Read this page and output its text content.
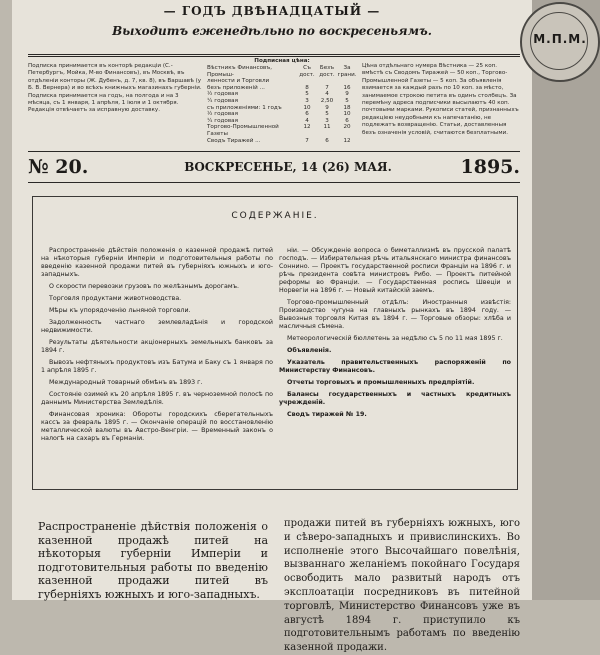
— ГОДЪ ДВѢНАДЦАТЫЙ —
Выходитъ еженедѣльно по воскресеньямъ.
Подписка принимается въ конторѣ редакціи (С.-Петербургъ, Мойка, М-во Финансовъ), въ Москвѣ, въ отдѣленіи конторы (Ж. Дубенъ, д. 7, кв. 8), въ Варшавѣ (у Б. В. Вернера) и во всѣхъ книжныхъ магазинахъ губерніи. Подписка принимается на годъ, на полгода и на 3 мѣсяца, съ 1 января, 1 апрѣля, 1 іюля и 1 октября. Редакція отвѣчаетъ за исправную доставку.
Подписная цѣна:
Вѣстникъ Финансовъ, Промыш-	Съ дост.	Безъ дост.	За грани.
ленности и Торговли			
безъ приложеній ...	8	7	16
½ годовая	5	4	9
¼ годовая	3	2,50	5
съ приложеніями: 1 годъ	10	9	18
½ годовая	6	5	10
¼ годовая	4	3	6
Торгово-Промышленной Газеты	12	11	20
Сводъ Тиражей ...	7	6	12
Цѣна отдѣльнаго нумера Вѣстника — 25 коп. вмѣстѣ съ Сводомъ Тиражей — 50 коп., Торгово-Промышленной Газеты — 5 коп. За объявленія взимается за каждый разъ по 10 коп. за мѣсто, занимаемое строкою петита въ одинъ столбецъ. За перемѣну адреса подписчики высылаютъ 40 коп. почтовыми марками. Рукописи статей, признанныхъ редакціею неудобными къ напечатанію, не подлежатъ возвращенію. Статьи, доставленныя безъ означенія условій, считаются безплатными.
№ 20.	ВОСКРЕСЕНЬЕ, 14 (26) МАЯ.	1895.
СОДЕРЖАНІЕ.

Распространеніе дѣйствія положенія о казенной продажѣ питей на нѣкоторыя губерніи Имперіи и подготовительныя работы по введенію казенной продажи питей въ губерніяхъ южныхъ и юго-западныхъ.

О скорости перевозки грузовъ по желѣзнымъ дорогамъ.

Торговля продуктами животноводства.

Мѣры къ упорядоченію льняной торговли.

Задолженность частнаго землевладѣнія и городской недвижимости.

Результаты дѣятельности акціонерныхъ земельныхъ банковъ за 1894 г.

Вывозъ нефтяныхъ продуктовъ изъ Батума и Баку съ 1 января по 1 апрѣля 1895 г.

Международный товарный обмѣнъ въ 1893 г.

Состояніе озимей къ 20 апрѣля 1895 г. въ черноземной полосѣ по даннымъ Министерства Земледѣлія.

Финансовая хроника: Обороты городскихъ сберегательныхъ кассъ за февраль 1895 г. — Окончаніе операцій по восстановленію металлической валюты въ Австро-Венгріи. — Временный законъ о налогѣ на сахаръ въ Германіи.

ніи. — Обсужденіе вопроса о биметаллизмѣ въ прусской палатѣ господъ. — Избирательная рѣчь итальянскаго министра финансовъ Соннино. — Проектъ государственной росписи Франціи на 1896 г. и рѣчь президента совѣта министровъ Рибо. — Проектъ питейной реформы во Франціи. — Государственная роспись Швеціи и Норвегіи на 1896 г. — Новый китайскій заемъ.

Торгово-промышленный отдѣлъ: Иностранныя извѣстія: Производство чугуна на главныхъ рынкахъ въ 1894 году. — Вывозныя торговля Китая въ 1894 г. — Торговые обзоры: хлѣба и масличныя сѣмена.

Метеорологическій бюллетень за недѣлю съ 5 по 11 мая 1895 г.

Объявленія.

Указатель правительственныхъ распоряженій по Министерству Финансовъ.

Отчеты торговыхъ и промышленныхъ предпріятій.

Балансы государственныхъ и частныхъ кредитныхъ учрежденій.

Сводъ тиражей № 19.

Распространеніе дѣйствія положенія о казенной продажѣ питей на нѣкоторыя губерніи Имперіи и подготовительныя работы по введенію казенной продажи питей въ губерніяхъ южныхъ и юго-западныхъ.
продажи питей въ губерніяхъ южныхъ, юго и сѣверо-западныхъ и привислинскихъ. Во исполненіе этого Высочайшаго повелѣнія, вызваннаго желаніемъ покойнаго Государя освободить мало развитый народъ отъ эксплоатаціи посредниковъ въ питейной торговлѣ, Министерство Финансовъ уже въ августѣ 1894 г. приступило къ подготовительнымъ работамъ по введенію казенной продажи.
M.П.M.
